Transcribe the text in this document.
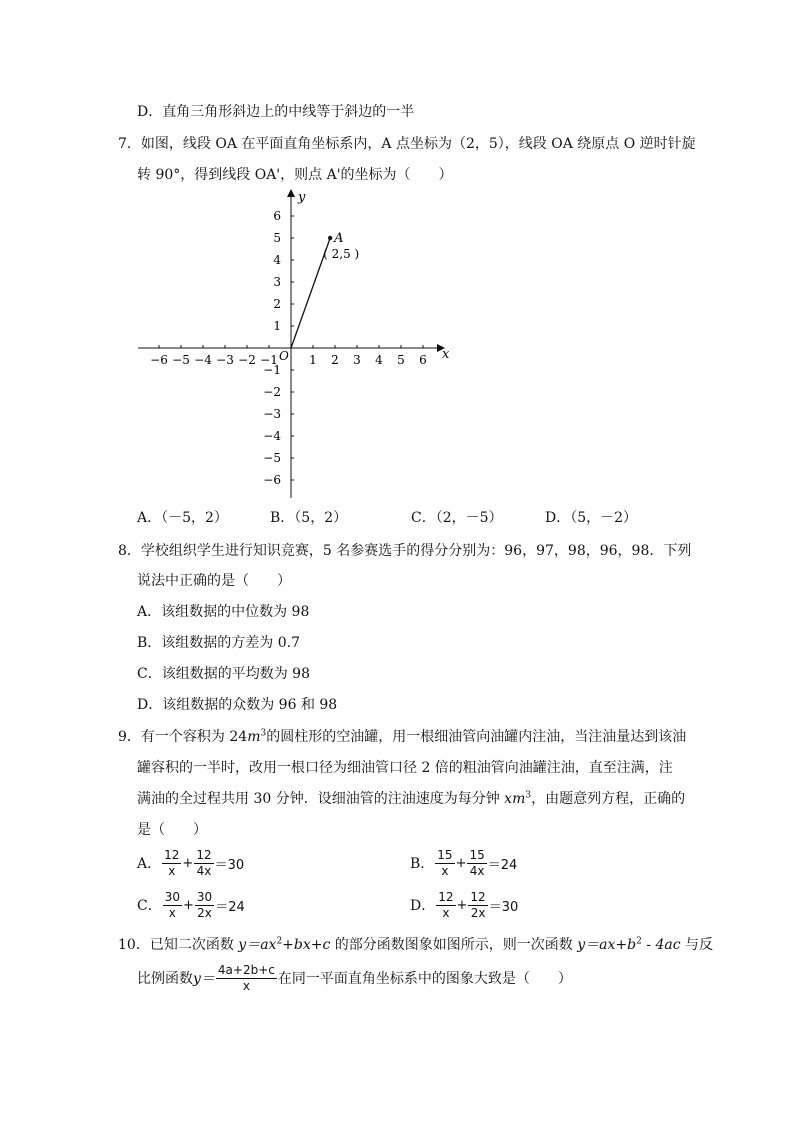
D．直角三角形斜边上的中线等于斜边的一半
7．如图，线段 OA 在平面直角坐标系内，A 点坐标为（2，5），线段 OA 绕原点 O 逆时针旋
转 90°，得到线段 OA'，则点 A'的坐标为（　　）
−6 −5 −4 −3 −2 −1	1 2 3 4 5 6
1
−1
2
−2
3
−3
4
−4
5
−5
6
−6
x
y
O
A
( 2,5 )
A．（－5，2）	B．（5，2）	C．（2，－5）	D．（5，－2）
8．学校组织学生进行知识竞赛，5 名参赛选手的得分分别为：96，97，98，96，98．下列
说法中正确的是（　　）
A．该组数据的中位数为 98
B．该组数据的方差为 0.7
C．该组数据的平均数为 98
D．该组数据的众数为 96 和 98
9．有一个容积为 $24m^3$的圆柱形的空油罐，用一根细油管向油罐内注油，当注油量达到该油
罐容积的一半时，改用一根口径为细油管口径 2 倍的粗油管向油罐注油，直至注满，注
满油的全过程共用 30 分钟．设细油管的注油速度为每分钟 $xm^3$，由题意列方程，正确的
是（　　）
A． $\frac{12}{x} + \frac{12}{4x} =30$	B． $\frac{15}{x} + \frac{15}{4x} =24$
C． $\frac{30}{x} + \frac{30}{2x} =24$	D． $\frac{12}{x} + \frac{12}{2x} =30$
10．已知二次函数 $y=ax^2+bx+c$ 的部分函数图象如图所示，则一次函数 $y=ax+b^2 - 4ac$ 与反
比例函数 $y= \frac{4a+2b+c}{x}$ 在同一平面直角坐标系中的图象大致是（　　）
